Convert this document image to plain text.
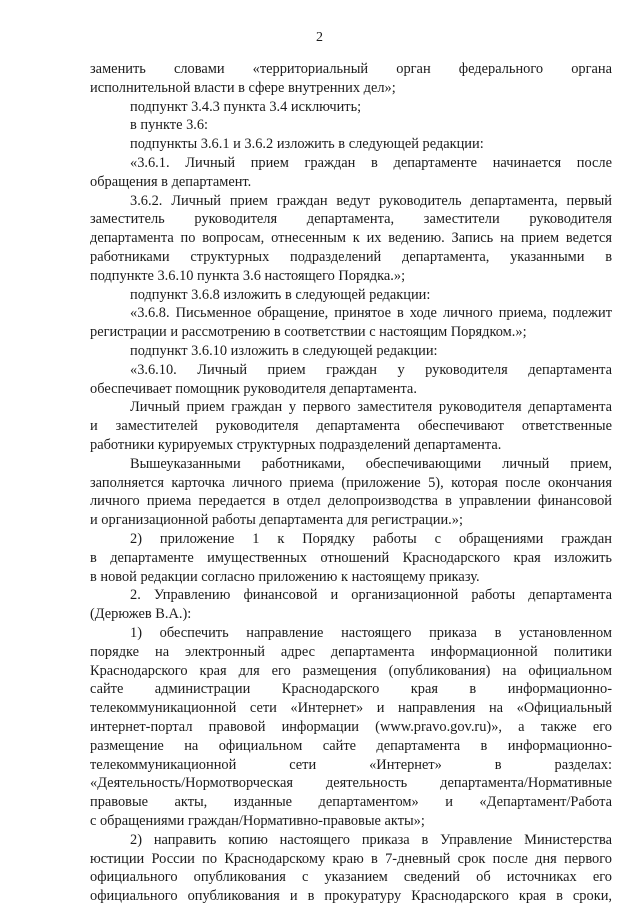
2
заменить словами «территориальный орган федерального органа
исполнительной власти в сфере внутренних дел»;
подпункт 3.4.3 пункта 3.4 исключить;
в пункте 3.6:
подпункты 3.6.1 и 3.6.2 изложить в следующей редакции:
«3.6.1. Личный прием граждан в департаменте начинается после
обращения в департамент.
3.6.2. Личный прием граждан ведут руководитель департамента, первый
заместитель руководителя департамента, заместители руководителя
департамента по вопросам, отнесенным к их ведению. Запись на прием ведется
работниками структурных подразделений департамента, указанными в
подпункте 3.6.10 пункта 3.6 настоящего Порядка.»;
подпункт 3.6.8 изложить в следующей редакции:
«3.6.8. Письменное обращение, принятое в ходе личного приема, подлежит
регистрации и рассмотрению в соответствии с настоящим Порядком.»;
подпункт 3.6.10 изложить в следующей редакции:
«3.6.10. Личный прием граждан у руководителя департамента
обеспечивает помощник руководителя департамента.
Личный прием граждан у первого заместителя руководителя департамента
и заместителей руководителя департамента обеспечивают ответственные
работники курируемых структурных подразделений департамента.
Вышеуказанными работниками, обеспечивающими личный прием,
заполняется карточка личного приема (приложение 5), которая после окончания
личного приема передается в отдел делопроизводства в управлении финансовой
и организационной работы департамента для регистрации.»;
2) приложение 1 к Порядку работы с обращениями граждан
в департаменте имущественных отношений Краснодарского края изложить
в новой редакции согласно приложению к настоящему приказу.
2. Управлению финансовой и организационной работы департамента
(Дерюжев В.А.):
1) обеспечить направление настоящего приказа в установленном
порядке на электронный адрес департамента информационной политики
Краснодарского края для его размещения (опубликования) на официальном
сайте администрации Краснодарского края в информационно-
телекоммуникационной сети «Интернет» и направления на «Официальный
интернет-портал правовой информации (www.pravo.gov.ru)», а также его
размещение на официальном сайте департамента в информационно-
телекоммуникационной сети «Интернет» в разделах:
«Деятельность/Нормотворческая деятельность департамента/Нормативные
правовые акты, изданные департаментом» и «Департамент/Работа
с обращениями граждан/Нормативно-правовые акты»;
2) направить копию настоящего приказа в Управление Министерства
юстиции России по Краснодарскому краю в 7-дневный срок после дня первого
официального опубликования с указанием сведений об источниках его
официального опубликования и в прокуратуру Краснодарского края в сроки,
